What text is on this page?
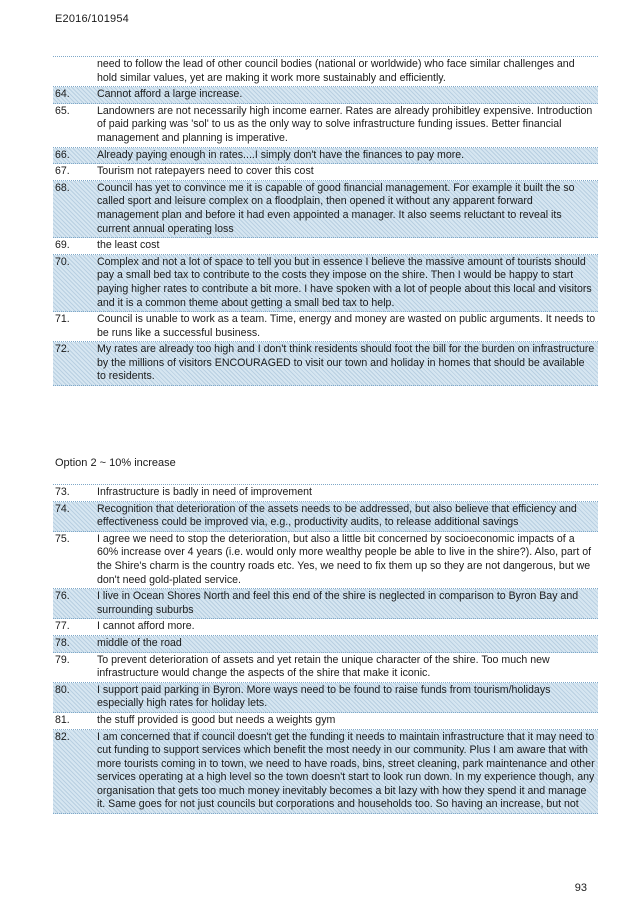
E2016/101954
need to follow the lead of other council bodies (national or worldwide) who face similar challenges and hold similar values, yet are making it work more sustainably and efficiently.
64.	Cannot afford a large increase.
65.	Landowners are not necessarily high income earner. Rates are already prohibitley expensive. Introduction of paid parking was 'sol' to us as the only way to solve infrastructure funding issues. Better financial management and planning is imperative.
66.	Already paying enough in rates....I simply don't have the finances to pay more.
67.	Tourism not ratepayers need to cover this cost
68.	Council has yet to convince me it is capable of good financial management. For example it built the so called sport and leisure complex on a floodplain, then opened it without any apparent forward management plan and before it had even appointed a manager. It also seems reluctant to reveal its current annual operating loss
69.	the least cost
70.	Complex and not a lot of space to tell you but in essence I believe the massive amount of tourists should pay a small bed tax to contribute to the costs they impose on the shire. Then I would be happy to start paying higher rates to contribute a bit more. I have spoken with a lot of people about this local and visitors and it is a common theme about getting a small bed tax to help.
71.	Council is unable to work as a team. Time, energy and money are wasted on public arguments. It needs to be runs like a successful business.
72.	My rates are already too high and I don't think residents should foot the bill for the burden on infrastructure by the millions of visitors ENCOURAGED to visit our town and holiday in homes that should be available to residents.
Option 2 ~ 10% increase
73.	Infrastructure is badly in need of improvement
74.	Recognition that deterioration of the assets needs to be addressed, but also believe that efficiency and effectiveness could be improved via, e.g., productivity audits, to release additional savings
75.	I agree we need to stop the deterioration, but also a little bit concerned by socioeconomic impacts of a 60% increase over 4 years (i.e. would only more wealthy people be able to live in the shire?). Also, part of the Shire's charm is the country roads etc. Yes, we need to fix them up so they are not dangerous, but we don't need gold-plated service.
76.	I live in Ocean Shores North and feel this end of the shire is neglected in comparison to Byron Bay and surrounding suburbs
77.	I cannot afford more.
78.	middle of the road
79.	To prevent deterioration of assets and yet retain the unique character of the shire. Too much new infrastructure would change the aspects of the shire that make it iconic.
80.	I support paid parking in Byron. More ways need to be found to raise funds from tourism/holidays especially high rates for holiday lets.
81.	the stuff provided is good but needs a weights gym
82.	I am concerned that if council doesn't get the funding it needs to maintain infrastructure that it may need to cut funding to support services which benefit the most needy in our community. Plus I am aware that with more tourists coming in to town, we need to have roads, bins, street cleaning, park maintenance and other services operating at a high level so the town doesn't start to look run down. In my experience though, any organisation that gets too much money inevitably becomes a bit lazy with how they spend it and manage it. Same goes for not just councils but corporations and households too. So having an increase, but not
93
